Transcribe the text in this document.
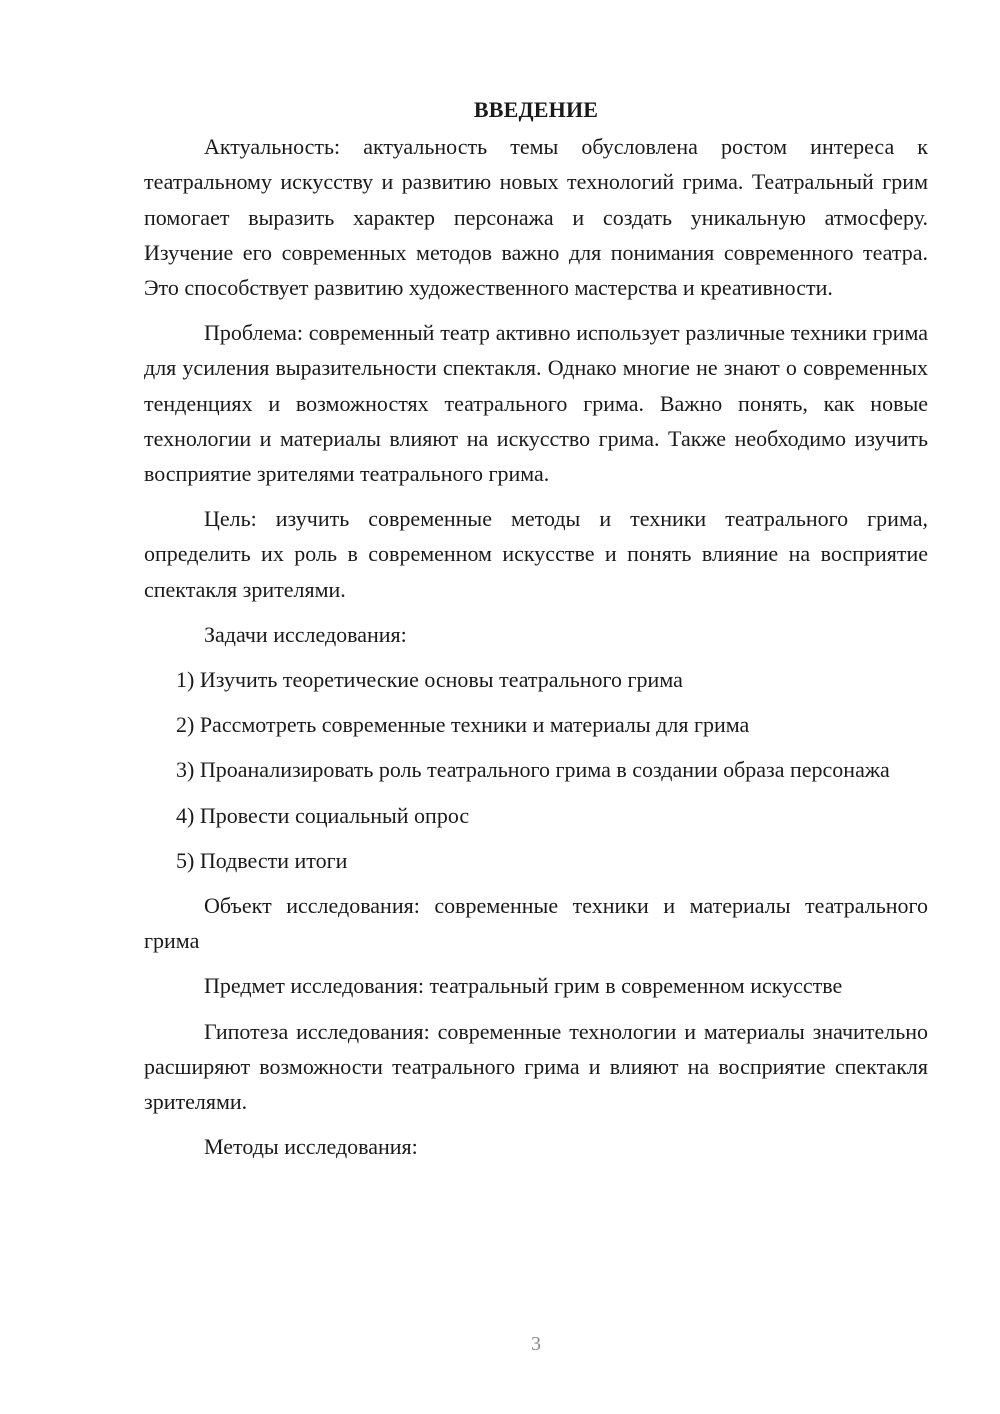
ВВЕДЕНИЕ

Актуальность: актуальность темы обусловлена ростом интереса к театральному искусству и развитию новых технологий грима. Театральный грим помогает выразить характер персонажа и создать уникальную атмосферу. Изучение его современных методов важно для понимания современного театра. Это способствует развитию художественного мастерства и креативности.

Проблема: современный театр активно использует различные техники грима для усиления выразительности спектакля. Однако многие не знают о современных тенденциях и возможностях театрального грима. Важно понять, как новые технологии и материалы влияют на искусство грима. Также необходимо изучить восприятие зрителями театрального грима.

Цель: изучить современные методы и техники театрального грима, определить их роль в современном искусстве и понять влияние на восприятие спектакля зрителями.

Задачи исследования:

1) Изучить теоретические основы театрального грима

2) Рассмотреть современные техники и материалы для грима

3) Проанализировать роль театрального грима в создании образа персонажа

4) Провести социальный опрос

5) Подвести итоги

Объект исследования: современные техники и материалы театрального грима

Предмет исследования: театральный грим в современном искусстве

Гипотеза исследования: современные технологии и материалы значительно расширяют возможности театрального грима и влияют на восприятие спектакля зрителями.

Методы исследования:

3
